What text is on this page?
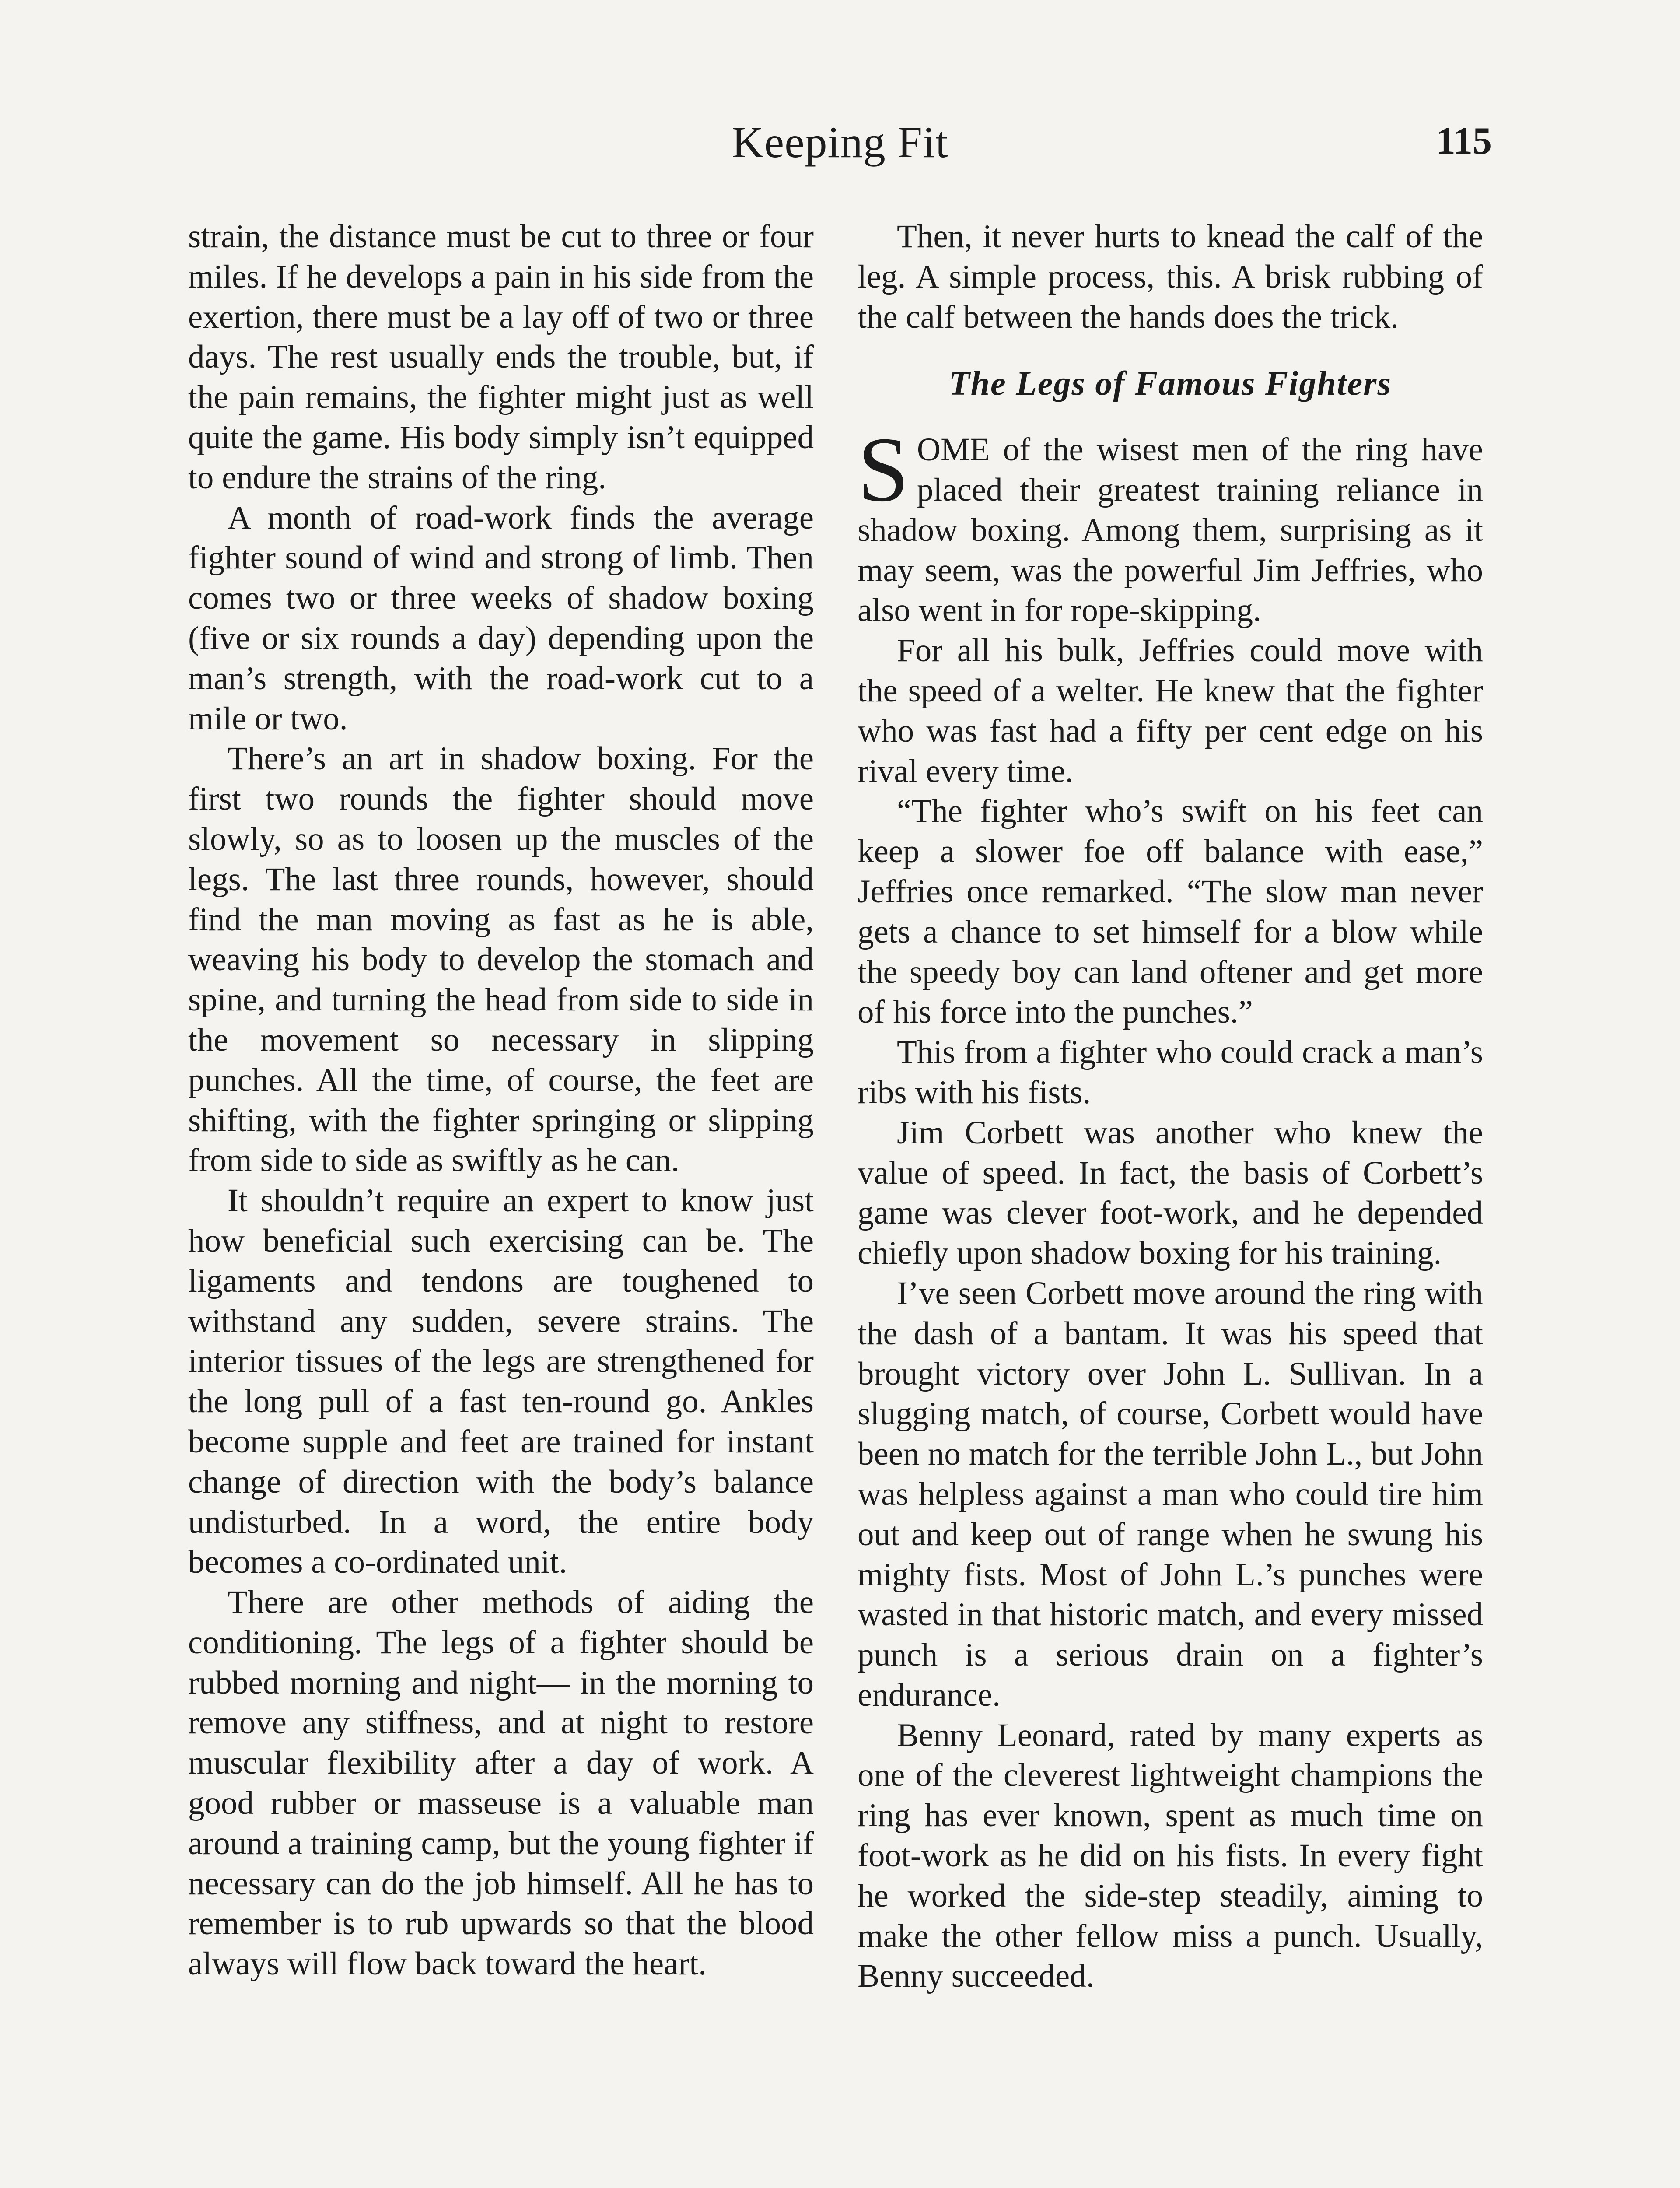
Keeping Fit	115

strain, the distance must be cut to three or four miles. If he develops a pain in his side from the exertion, there must be a lay off of two or three days. The rest usually ends the trouble, but, if the pain remains, the fighter might just as well quite the game. His body simply isn’t equipped to endure the strains of the ring.

A month of road-work finds the average fighter sound of wind and strong of limb. Then comes two or three weeks of shadow boxing (five or six rounds a day) depending upon the man’s strength, with the road-work cut to a mile or two.

There’s an art in shadow boxing. For the first two rounds the fighter should move slowly, so as to loosen up the muscles of the legs. The last three rounds, however, should find the man moving as fast as he is able, weaving his body to develop the stomach and spine, and turning the head from side to side in the movement so necessary in slipping punches. All the time, of course, the feet are shifting, with the fighter springing or slipping from side to side as swiftly as he can.

It shouldn’t require an expert to know just how beneficial such exercising can be. The ligaments and tendons are toughened to withstand any sudden, severe strains. The interior tissues of the legs are strengthened for the long pull of a fast ten-round go. Ankles become supple and feet are trained for instant change of direction with the body’s balance undisturbed. In a word, the entire body becomes a co-ordinated unit.

There are other methods of aiding the conditioning. The legs of a fighter should be rubbed morning and night— in the morning to remove any stiffness, and at night to restore muscular flexibility after a day of work. A good rubber or masseuse is a valuable man around a training camp, but the young fighter if necessary can do the job himself. All he has to remember is to rub upwards so that the blood always will flow back toward the heart.

Then, it never hurts to knead the calf of the leg. A simple process, this. A brisk rubbing of the calf between the hands does the trick.

The Legs of Famous Fighters

SOME of the wisest men of the ring have placed their greatest training reliance in shadow boxing. Among them, surprising as it may seem, was the powerful Jim Jeffries, who also went in for rope-skipping.

For all his bulk, Jeffries could move with the speed of a welter. He knew that the fighter who was fast had a fifty per cent edge on his rival every time.

“The fighter who’s swift on his feet can keep a slower foe off balance with ease,” Jeffries once remarked. “The slow man never gets a chance to set himself for a blow while the speedy boy can land oftener and get more of his force into the punches.”

This from a fighter who could crack a man’s ribs with his fists.

Jim Corbett was another who knew the value of speed. In fact, the basis of Corbett’s game was clever foot-work, and he depended chiefly upon shadow boxing for his training.

I’ve seen Corbett move around the ring with the dash of a bantam. It was his speed that brought victory over John L. Sullivan. In a slugging match, of course, Corbett would have been no match for the terrible John L., but John was helpless against a man who could tire him out and keep out of range when he swung his mighty fists. Most of John L.’s punches were wasted in that historic match, and every missed punch is a serious drain on a fighter’s endurance.

Benny Leonard, rated by many experts as one of the cleverest lightweight champions the ring has ever known, spent as much time on foot-work as he did on his fists. In every fight he worked the side-step steadily, aiming to make the other fellow miss a punch. Usually, Benny succeeded.
